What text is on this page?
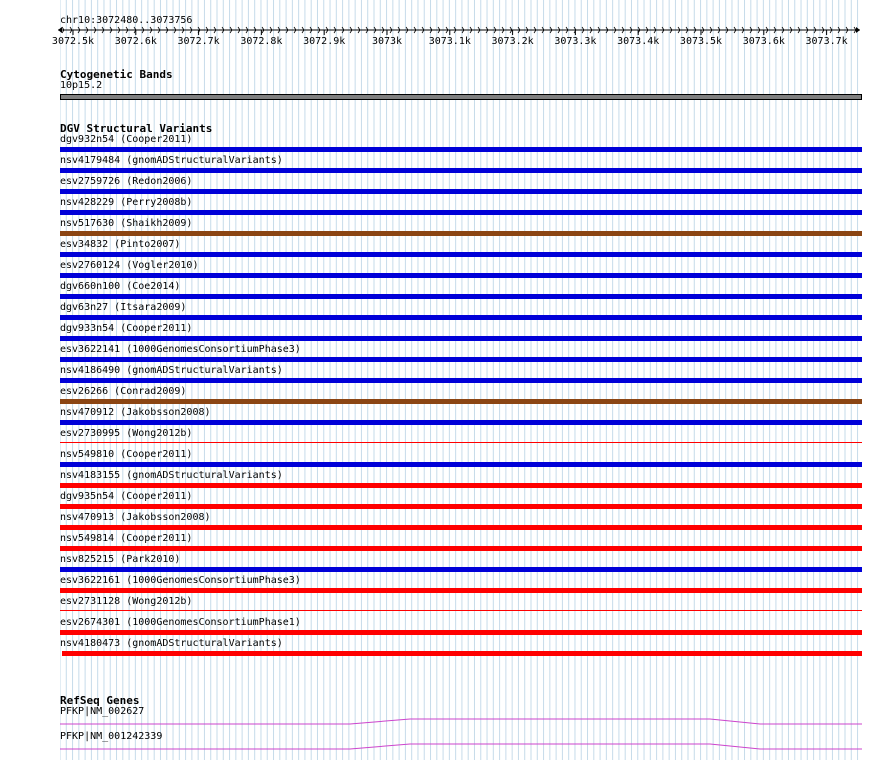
3072.5k 3072.6k 3072.7k 3072.8k 3072.9k	3073k	3073.1k 3073.2k 3073.3k 3073.4k 3073.5k 3073.6k 3073.7k
chr10:3072480..3073756
Cytogenetic Bands
10p15.2
DGV Structural Variants
dgv932n54 (Cooper2011)
nsv4179484 (gnomADStructuralVariants)
esv2759726 (Redon2006)
nsv428229 (Perry2008b)
nsv517630 (Shaikh2009)
esv34832 (Pinto2007)
esv2760124 (Vogler2010)
dgv660n100 (Coe2014)
dgv63n27 (Itsara2009)
dgv933n54 (Cooper2011)
esv3622141 (1000GenomesConsortiumPhase3)
nsv4186490 (gnomADStructuralVariants)
esv26266 (Conrad2009)
nsv470912 (Jakobsson2008)
esv2730995 (Wong2012b)
nsv549810 (Cooper2011)
nsv4183155 (gnomADStructuralVariants)
dgv935n54 (Cooper2011)
nsv470913 (Jakobsson2008)
nsv549814 (Cooper2011)
nsv825215 (Park2010)
esv3622161 (1000GenomesConsortiumPhase3)
esv2731128 (Wong2012b)
esv2674301 (1000GenomesConsortiumPhase1)
nsv4180473 (gnomADStructuralVariants)
RefSeq Genes
PFKP|NM_002627
PFKP|NM_001242339
